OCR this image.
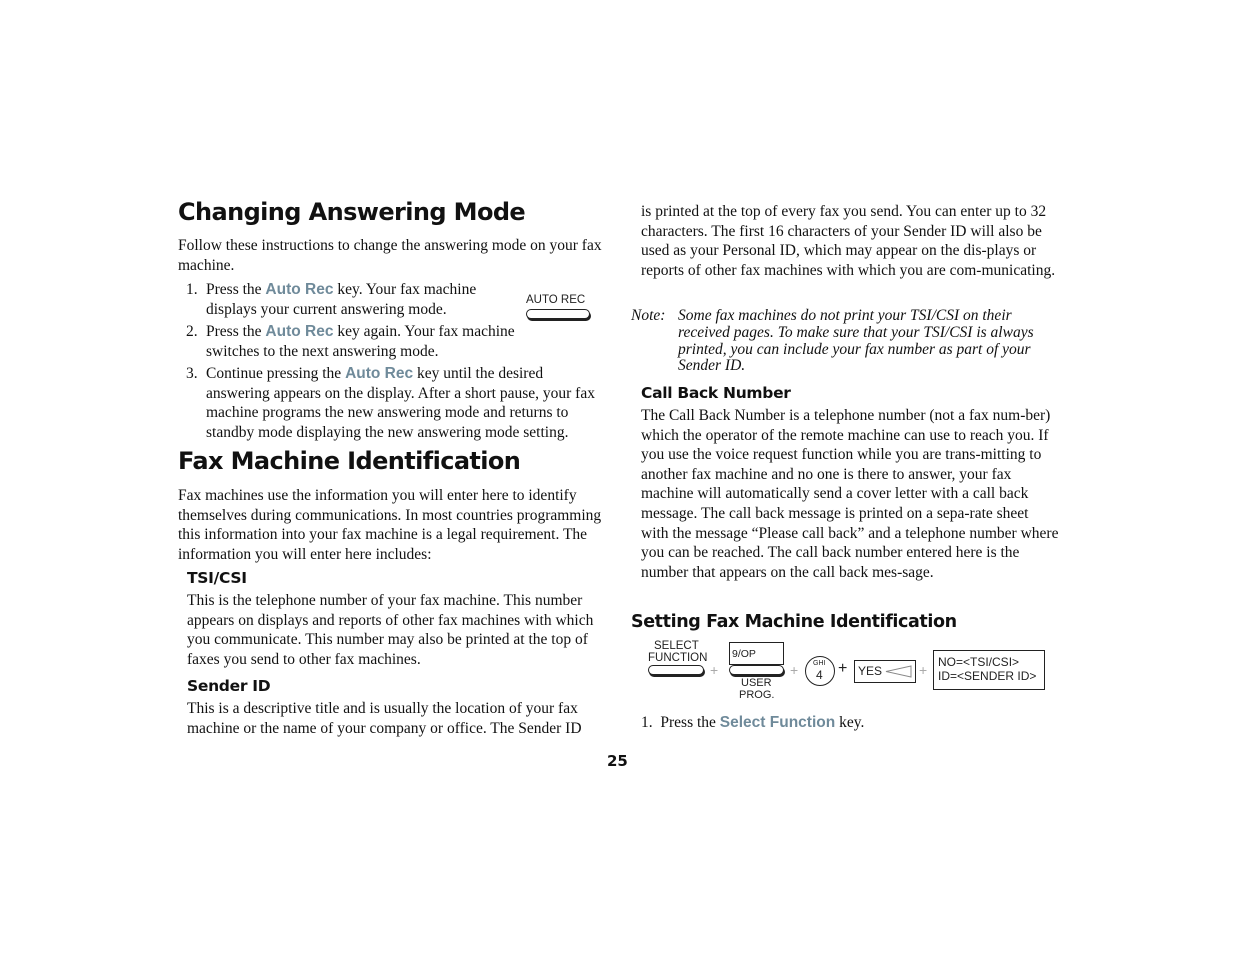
Changing Answering Mode
Follow these instructions to change the answering mode on your fax machine.
1. Press the Auto Rec key. Your fax machine displays your current answering mode.
2. Press the Auto Rec key again. Your fax machine switches to the next answering mode.
3. Continue pressing the Auto Rec key until the desired answering appears on the display. After a short pause, your fax machine programs the new answering mode and returns to standby mode displaying the new answering mode setting.
AUTO REC
Fax Machine Identification
Fax machines use the information you will enter here to identify themselves during communications. In most countries programming this information into your fax machine is a legal requirement. The information you will enter here includes:
TSI/CSI
This is the telephone number of your fax machine. This number appears on displays and reports of other fax machines with which you communicate. This number may also be printed at the top of faxes you send to other fax machines.
Sender ID
This is a descriptive title and is usually the location of your fax machine or the name of your company or office. The Sender ID
is printed at the top of every fax you send. You can enter up to 32 characters. The first 16 characters of your Sender ID will also be used as your Personal ID, which may appear on the dis-plays or reports of other fax machines with which you are com-municating.
Note: Some fax machines do not print your TSI/CSI on their received pages. To make sure that your TSI/CSI is always printed, you can include your fax number as part of your Sender ID.
Call Back Number
The Call Back Number is a telephone number (not a fax num-ber) which the operator of the remote machine can use to reach you. If you use the voice request function while you are trans-mitting to another fax machine and no one is there to answer, your fax machine will automatically send a cover letter with a call back message. The call back message is printed on a sepa-rate sheet with the message “Please call back” and a telephone number where you can be reached. The call back number entered here is the number that appears on the call back mes-sage.
Setting Fax Machine Identification
SELECT
FUNCTION
+
9/OP
USER
PROG.
+ GHI
4 + YES	+ NO=<TSI/CSI>
ID=<SENDER ID>
1. Press the Select Function key.
25
